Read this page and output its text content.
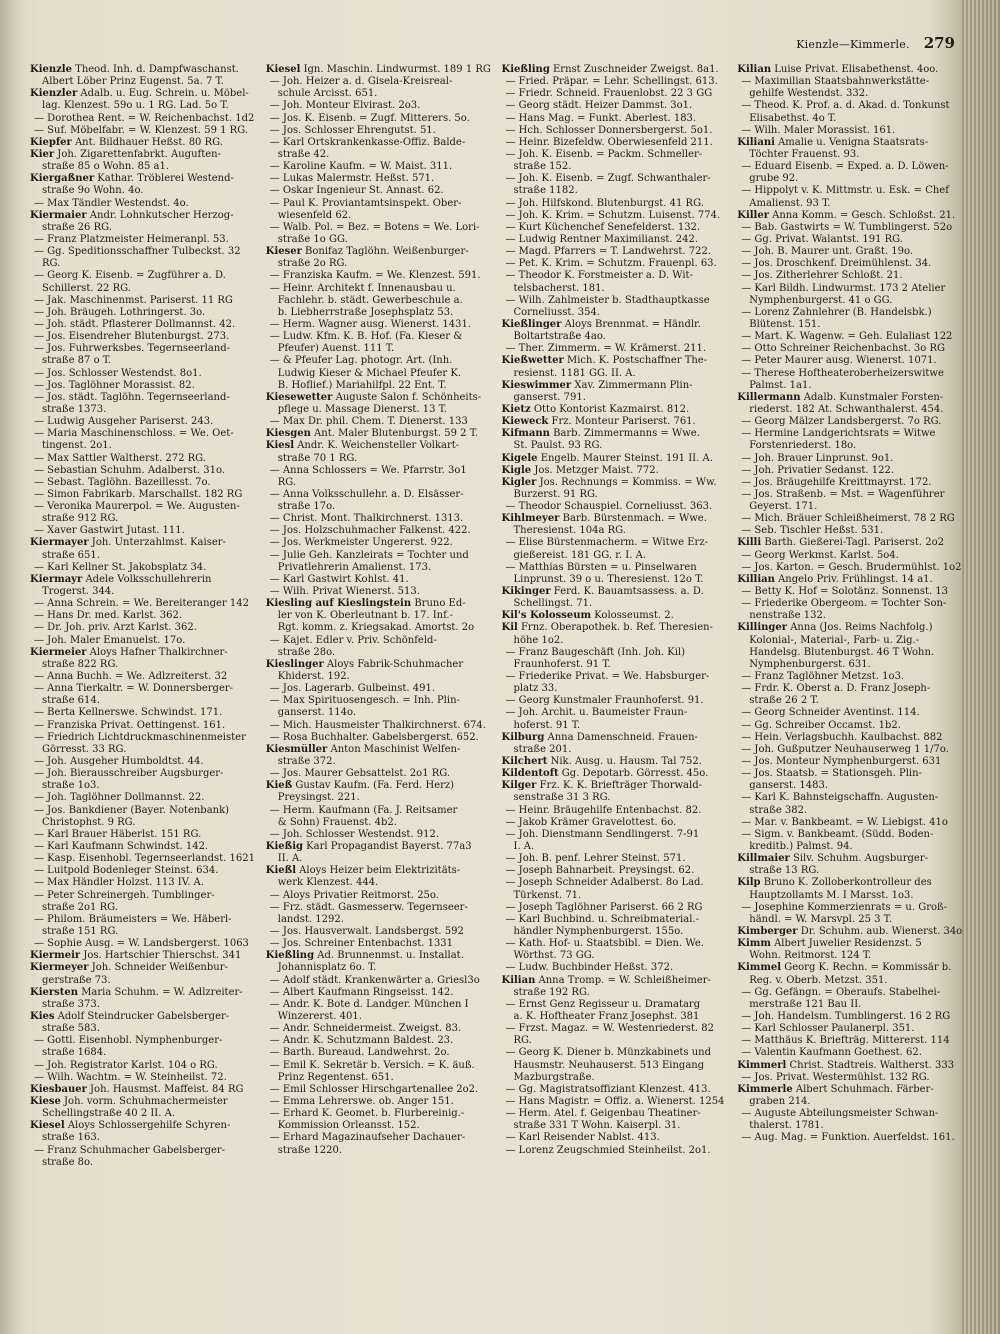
Kienzle—Kimmerle. 279
Kienzle Theod. Inh. d. Dampfwaschanst.
Albert Löber Prinz Eugenst. 5a. 7 T.
Kienzler Adalb. u. Eug. Schrein. u. Möbel-
lag. Klenzest. 59o u. 1 RG. Lad. 5o T.
— Dorothea Rent. = W. Reichenbachst. 1d2
— Suf. Möbelfabr. = W. Klenzest. 59 1 RG.
Kiepfer Ant. Bildhauer Heßst. 80 RG.
Kier Joh. Zigarettenfabrkt. Auguften-
straße 85 o Wohn. 85 a1.
Kiergaßner Kathar. Tröblerei Westend-
straße 9o Wohn. 4o.
— Max Tändler Westendst. 4o.
Kiermaier Andr. Lohnkutscher Herzog-
straße 26 RG.
— Franz Platzmeister Heimeranpl. 53.
— Gg. Speditionsschaffner Tulbeckst. 32
RG.
— Georg K. Eisenb. = Zugführer a. D.
Schillerst. 22 RG.
— Jak. Maschinenmst. Pariserst. 11 RG
— Joh. Bräugeh. Lothringerst. 3o.
— Joh. städt. Pflasterer Dollmannst. 42.
— Jos. Eisendreher Blutenburgst. 273.
— Jos. Fuhrwerksbes. Tegernseerland-
straße 87 o T.
— Jos. Schlosser Westendst. 8o1.
— Jos. Taglöhner Morassist. 82.
— Jos. städt. Taglöhn. Tegernseerland-
straße 1373.
— Ludwig Ausgeher Pariserst. 243.
— Maria Maschinenschloss. = We. Oet-
tingenst. 2o1.
— Max Sattler Waltherst. 272 RG.
— Sebastian Schuhm. Adalberst. 31o.
— Sebast. Taglöhn. Bazeillesst. 7o.
— Simon Fabrikarb. Marschallst. 182 RG
— Veronika Maurerpol. = We. Augusten-
straße 912 RG.
— Xaver Gastwirt Jutast. 111.
Kiermayer Joh. Unterzahlmst. Kaiser-
straße 651.
— Karl Kellner St. Jakobsplatz 34.
Kiermayr Adele Volksschullehrerin
Trogerst. 344.
— Anna Schrein. = We. Bereiteranger 142
— Hans Dr. med. Karlst. 362.
— Dr. Joh. priv. Arzt Karlst. 362.
— Joh. Maler Emanuelst. 17o.
Kiermeier Aloys Hafner Thalkirchner-
straße 822 RG.
— Anna Buchh. = We. Adlzreiterst. 32
— Anna Tierkaltr. = W. Donnersberger-
straße 614.
— Berta Kellnerswe. Schwindst. 171.
— Franziska Privat. Oettingenst. 161.
— Friedrich Lichtdruckmaschinenmeister
Görresst. 33 RG.
— Joh. Ausgeher Humboldtst. 44.
— Joh. Bierausschreiber Augsburger-
straße 1o3.
— Joh. Taglöhner Dollmannst. 22.
— Jos. Bankdiener (Bayer. Notenbank)
Christophst. 9 RG.
— Karl Brauer Häberlst. 151 RG.
— Karl Kaufmann Schwindst. 142.
— Kasp. Eisenhobl. Tegernseerlandst. 1621
— Luitpold Bodenleger Steinst. 634.
— Max Händler Holzst. 113 IV. A.
— Peter Schreinergeh. Tumblinger-
straße 2o1 RG.
— Philom. Bräumeisters = We. Häberl-
straße 151 RG.
— Sophie Ausg. = W. Landsbergerst. 1063
Kiermeir Jos. Hartschier Thierschst. 341
Kiermeyer Joh. Schneider Weißenbur-
gerstraße 73.
Kiersten Maria Schuhm. = W. Adlzreiter-
straße 373.
Kies Adolf Steindrucker Gabelsberger-
straße 583.
— Gottl. Eisenhobl. Nymphenburger-
straße 1684.
— Joh. Registrator Karlst. 104 o RG.
— Wilh. Wachtm. = W. Steinheilst. 72.
Kiesbauer Joh. Hausmst. Maffeist. 84 RG
Kiese Joh. vorm. Schuhmachermeister
Schellingstraße 40 2 II. A.
Kiesel Aloys Schlossergehilfe Schyren-
straße 163.
— Franz Schuhmacher Gabelsberger-
straße 8o.
Kiesel Ign. Maschin. Lindwurmst. 189 1 RG
— Joh. Heizer a. d. Gisela-Kreisreal-
schule Arcisst. 651.
— Joh. Monteur Elvirast. 2o3.
— Jos. K. Eisenb. = Zugf. Mitterers. 5o.
— Jos. Schlosser Ehrengutst. 51.
— Karl Ortskrankenkasse-Offiz. Balde-
straße 42.
— Karoline Kaufm. = W. Maist. 311.
— Lukas Malermstr. Heßst. 571.
— Oskar Ingenieur St. Annast. 62.
— Paul K. Proviantamtsinspekt. Ober-
wiesenfeld 62.
— Walb. Pol. = Bez. = Botens = We. Lori-
straße 1o GG.
Kieser Bonifaz Taglöhn. Weißenburger-
straße 2o RG.
— Franziska Kaufm. = We. Klenzest. 591.
— Heinr. Architekt f. Innenausbau u.
Fachlehr. b. städt. Gewerbeschule a.
b. Liebherrstraße Josephsplatz 53.
— Herm. Wagner ausg. Wienerst. 1431.
— Ludw. Kfm. K. B. Hof. (Fa. Kieser &
Pfeufer) Auenst. 111 T.
— & Pfeufer Lag. photogr. Art. (Inh.
Ludwig Kieser & Michael Pfeufer K.
B. Hoflief.) Mariahilfpl. 22 Ent. T.
Kiesewetter Auguste Salon f. Schönheits-
pflege u. Massage Dienerst. 13 T.
— Max Dr. phil. Chem. T. Dienerst. 133
Kiesgen Ant. Maler Blutenburgst. 59 2 T.
Kiesl Andr. K. Weichensteller Volkart-
straße 70 1 RG.
— Anna Schlossers = We. Pfarrstr. 3o1
RG.
— Anna Volksschullehr. a. D. Elsässer-
straße 17o.
— Christ. Mont. Thalkirchnerst. 1313.
— Jos. Holzschuhmacher Falkenst. 422.
— Jos. Werkmeister Ungererst. 922.
— Julie Geh. Kanzleirats = Tochter und
Privatlehrerin Amalienst. 173.
— Karl Gastwirt Kohlst. 41.
— Wilh. Privat Wienerst. 513.
Kiesling auf Kieslingstein Bruno Ed-
ler von K. Oberleutnant b. 17. Inf.-
Rgt. komm. z. Kriegsakad. Amortst. 2o
— Kajet. Edler v. Priv. Schönfeld-
straße 28o.
Kieslinger Aloys Fabrik-Schuhmacher
Khiderst. 192.
— Jos. Lagerarb. Gulbeinst. 491.
— Max Spirituosengesch. = Inh. Plin-
ganserst. 114o.
— Mich. Hausmeister Thalkirchnerst. 674.
— Rosa Buchhalter. Gabelsbergerst. 652.
Kiesmüller Anton Maschinist Welfen-
straße 372.
— Jos. Maurer Gebsattelst. 2o1 RG.
Kieß Gustav Kaufm. (Fa. Ferd. Herz)
Preysingst. 221.
— Herm. Kaufmann (Fa. J. Reitsamer
& Sohn) Frauenst. 4b2.
— Joh. Schlosser Westendst. 912.
Kießig Karl Propagandist Bayerst. 77a3
II. A.
Kießl Aloys Heizer beim Elektrizitäts-
werk Klenzest. 444.
— Aloys Privatier Reitmorst. 25o.
— Frz. städt. Gasmesserw. Tegernseer-
landst. 1292.
— Jos. Hausverwalt. Landsbergst. 592
— Jos. Schreiner Entenbachst. 1331
Kießling Ad. Brunnenmst. u. Installat.
Johannisplatz 6o. T.
— Adolf städt. Krankenwärter a. Griesl3o
— Albert Kaufmann Ringseisst. 142.
— Andr. K. Bote d. Landger. München I
Winzererst. 401.
— Andr. Schneidermeist. Zweigst. 83.
— Andr. K. Schutzmann Baldest. 23.
— Barth. Bureaud. Landwehrst. 2o.
— Emil K. Sekretär b. Versich. = K. äuß.
Prinz Regentenst. 651.
— Emil Schlosser Hirschgartenallee 2o2.
— Emma Lehrerswe. ob. Anger 151.
— Erhard K. Geomet. b. Flurbereinig.-
Kommission Orleansst. 152.
— Erhard Magazinaufseher Dachauer-
straße 1220.
Kießling Ernst Zuschneider Zweigst. 8a1.
— Fried. Präpar. = Lehr. Schellingst. 613.
— Friedr. Schneid. Frauenlobst. 22 3 GG
— Georg städt. Heizer Dammst. 3o1.
— Hans Mag. = Funkt. Aberlest. 183.
— Hch. Schlosser Donnersbergerst. 5o1.
— Heinr. Bizefeldw. Oberwiesenfeld 211.
— Joh. K. Eisenb. = Packm. Schmeller-
straße 152.
— Joh. K. Eisenb. = Zugf. Schwanthaler-
straße 1182.
— Joh. Hilfskond. Blutenburgst. 41 RG.
— Joh. K. Krim. = Schutzm. Luisenst. 774.
— Kurt Küchenchef Senefelderst. 132.
— Ludwig Rentner Maximilianst. 242.
— Magd. Pfarrers = T. Landwehrst. 722.
— Pet. K. Krim. = Schutzm. Frauenpl. 63.
— Theodor K. Forstmeister a. D. Wit-
telsbacherst. 181.
— Wilh. Zahlmeister b. Stadthauptkasse
Corneliusst. 354.
Kießlinger Aloys Brennmat. = Händlr.
Boltartstraße 4ao.
— Ther. Zimmerm. = W. Krämerst. 211.
Kießwetter Mich. K. Postschaffner The-
resienst. 1181 GG. II. A.
Kieswimmer Xav. Zimmermann Plin-
ganserst. 791.
Kietz Otto Kontorist Kazmairst. 812.
Kieweck Frz. Monteur Pariserst. 761.
Kifmann Barb. Zimmermanns = Wwe.
St. Paulst. 93 RG.
Kigele Engelb. Maurer Steinst. 191 II. A.
Kigle Jos. Metzger Maist. 772.
Kigler Jos. Rechnungs = Kommiss. = Ww.
Burzerst. 91 RG.
— Theodor Schauspiel. Corneliusst. 363.
Kihlmeyer Barb. Bürstenmach. = Wwe.
Theresienst. 104a RG.
— Elise Bürstenmacherm. = Witwe Erz-
gießereist. 181 GG. r. I. A.
— Matthias Bürsten = u. Pinselwaren
Linprunst. 39 o u. Theresienst. 12o T.
Kikinger Ferd. K. Bauamtsassess. a. D.
Schellingst. 71.
Kil's Kolosseum Kolosseumst. 2.
Kil Frnz. Oberapothek. b. Ref. Theresien-
höhe 1o2.
— Franz Baugeschäft (Inh. Joh. Kil)
Fraunhoferst. 91 T.
— Friederike Privat. = We. Habsburger-
platz 33.
— Georg Kunstmaler Fraunhoferst. 91.
— Joh. Archit. u. Baumeister Fraun-
hoferst. 91 T.
Kilburg Anna Damenschneid. Frauen-
straße 201.
Kilchert Nik. Ausg. u. Hausm. Tal 752.
Kildentoft Gg. Depotarb. Görresst. 45o.
Kilger Frz. K. K. Briefträger Thorwald-
senstraße 31 3 RG.
— Heinr. Bräugehilfe Entenbachst. 82.
— Jakob Krämer Gravelottest. 6o.
— Joh. Dienstmann Sendlingerst. 7-91
I. A.
— Joh. B. penf. Lehrer Steinst. 571.
— Joseph Bahnarbeit. Preysingst. 62.
— Joseph Schneider Adalberst. 8o Lad.
Türkenst. 71.
— Joseph Taglöhner Pariserst. 66 2 RG
— Karl Buchbind. u. Schreibmaterial.-
händler Nymphenburgerst. 155o.
— Kath. Hof- u. Staatsbibl. = Dien. We.
Wörthst. 73 GG.
— Ludw. Buchbinder Heßst. 372.
Kilian Anna Tromp. = W. Schleißheimer-
straße 192 RG.
— Ernst Genz Regisseur u. Dramatarg
a. K. Hoftheater Franz Josephst. 381
— Frzst. Magaz. = W. Westenriederst. 82
RG.
— Georg K. Diener b. Münzkabinets und
Hausmstr. Neuhauserst. 513 Eingang
Mazburgstraße.
— Gg. Magistratsoffiziant Klenzest. 413.
— Hans Magistr. = Offiz. a. Wienerst. 1254
— Herm. Atel. f. Geigenbau Theatiner-
straße 331 T Wohn. Kaiserpl. 31.
— Karl Reisender Nablst. 413.
— Lorenz Zeugschmied Steinheilst. 2o1.
Kilian Luise Privat. Elisabethenst. 4oo.
— Maximilian Staatsbahnwerkstätte-
gehilfe Westendst. 332.
— Theod. K. Prof. a. d. Akad. d. Tonkunst
Elisabethst. 4o T.
— Wilh. Maler Morassist. 161.
Kiliani Amalie u. Venigna Staatsrats-
Töchter Frauenst. 93.
— Eduard Eisenb. = Exped. a. D. Löwen-
grube 92.
— Hippolyt v. K. Mittmstr. u. Esk. = Chef
Amalienst. 93 T.
Killer Anna Komm. = Gesch. Schloßst. 21.
— Bab. Gastwirts = W. Tumblingerst. 52o
— Gg. Privat. Walantst. 191 RG.
— Joh. B. Maurer unt. Graßt. 19o.
— Jos. Droschkenf. Dreimühlenst. 34.
— Jos. Zitherlehrer Schloßt. 21.
— Karl Bildh. Lindwurmst. 173 2 Atelier
Nymphenburgerst. 41 o GG.
— Lorenz Zahnlehrer (B. Handelsbk.)
Blütenst. 151.
— Mart. K. Wagenw. = Geh. Eulaliast 122
— Otto Schreiner Reichenbachst. 3o RG
— Peter Maurer ausg. Wienerst. 1071.
— Therese Hoftheateroberheizerswitwe
Palmst. 1a1.
Killermann Adalb. Kunstmaler Forsten-
riederst. 182 At. Schwanthalerst. 454.
— Georg Mälzer Landsbergerst. 7o RG.
— Hermine Landgerichtsrats = Witwe
Forstenriederst. 18o.
— Joh. Brauer Linprunst. 9o1.
— Joh. Privatier Sedanst. 122.
— Jos. Bräugehilfe Kreittmayrst. 172.
— Jos. Straßenb. = Mst. = Wagenführer
Geyerst. 171.
— Mich. Bräuer Schleißheimerst. 78 2 RG
— Seb. Tischler Heßst. 531.
Killi Barth. Gießerei-Tagl. Pariserst. 2o2
— Georg Werkmst. Karlst. 5o4.
— Jos. Karton. = Gesch. Brudermühlst. 1o2
Killian Angelo Priv. Frühlingst. 14 a1.
— Betty K. Hof = Solotänz. Sonnenst. 13
— Friederike Obergeom. = Tochter Son-
nenstraße 132.
Killinger Anna (Jos. Reims Nachfolg.)
Kolonial-, Material-, Farb- u. Zig.-
Handelsg. Blutenburgst. 46 T Wohn.
Nymphenburgerst. 631.
— Franz Taglöhner Metzst. 1o3.
— Frdr. K. Oberst a. D. Franz Joseph-
straße 26 2 T.
— Georg Schneider Aventinst. 114.
— Gg. Schreiber Occamst. 1b2.
— Hein. Verlagsbuchh. Kaulbachst. 882
— Joh. Gußputzer Neuhauserweg 1 1/7o.
— Jos. Monteur Nymphenburgerst. 631
— Jos. Staatsb. = Stationsgeh. Plin-
ganserst. 1483.
— Karl K. Bahnsteigschaffn. Augusten-
straße 382.
— Mar. v. Bankbeamt. = W. Liebigst. 41o
— Sigm. v. Bankbeamt. (Südd. Boden-
kreditb.) Palmst. 94.
Killmaier Silv. Schuhm. Augsburger-
straße 13 RG.
Kilp Bruno K. Zolloberkontrolleur des
Hauptzollamts M. I Marsst. 1o3.
— Josephine Kommerzienrats = u. Groß-
händl. = W. Marsvpl. 25 3 T.
Kimberger Dr. Schuhm. aub. Wienerst. 34o
Kimm Albert Juwelier Residenzst. 5
Wohn. Reitmorst. 124 T.
Kimmel Georg K. Rechn. = Kommissär b.
Reg. v. Oberb. Metzst. 351.
— Gg. Gefängn. = Oberaufs. Stabelhei-
merstraße 121 Bau II.
— Joh. Handelsm. Tumblingerst. 16 2 RG
— Karl Schlosser Paulanerpl. 351.
— Matthäus K. Briefträg. Mittererst. 114
— Valentin Kaufmann Goethest. 62.
Kimmerl Christ. Stadtreis. Waltherst. 333
— Jos. Privat. Westermühlst. 132 RG.
Kimmerle Albert Schuhmach. Färber-
graben 214.
— Auguste Abteilungsmeister Schwan-
thalerst. 1781.
— Aug. Mag. = Funktion. Auerfeldst. 161.
